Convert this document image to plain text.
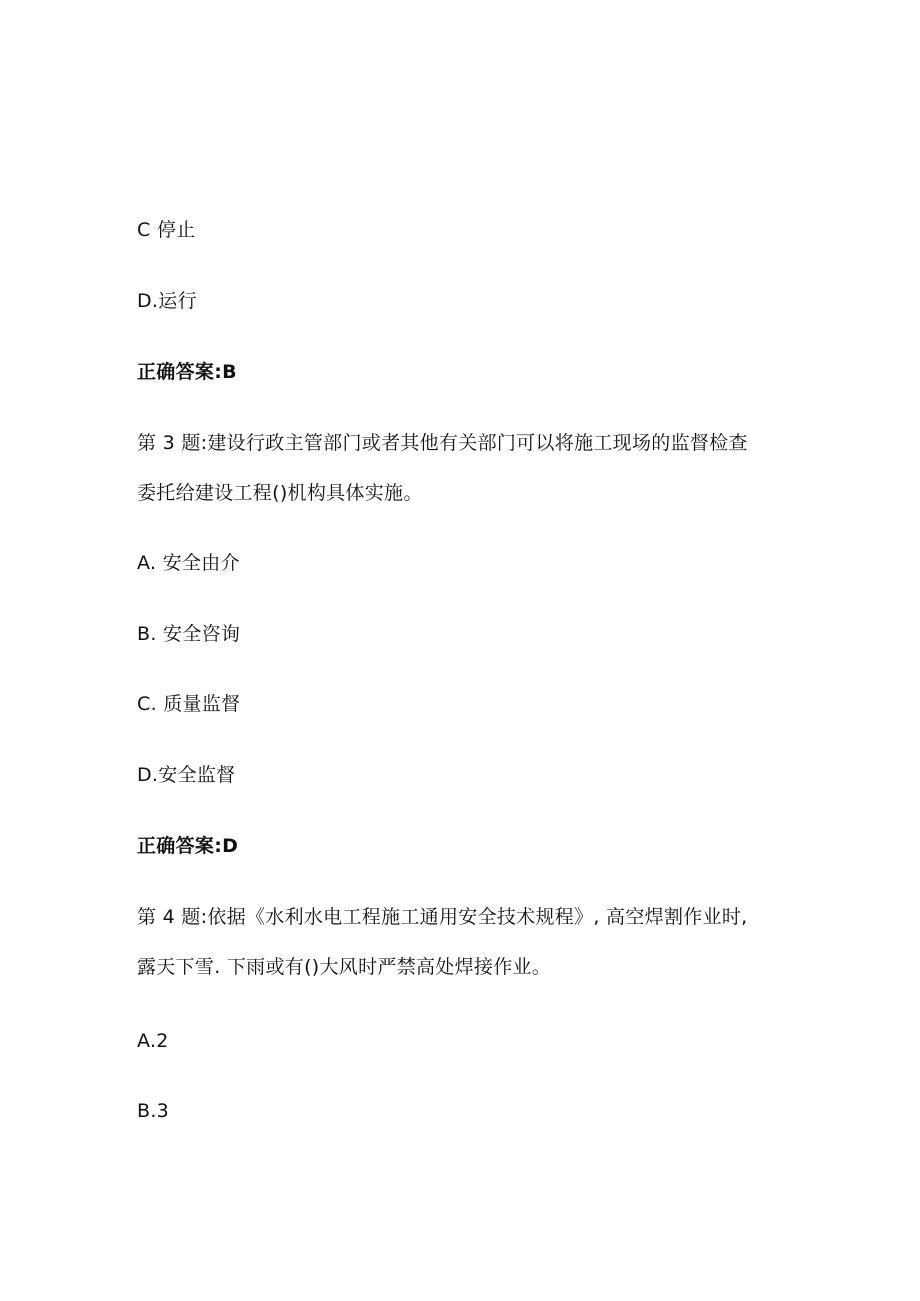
C 停止
D.运行
正确答案:B
第 3 题:建设行政主管部门或者其他有关部门可以将施工现场的监督检查
委托给建设工程()机构具体实施。
A. 安全由介
B. 安全咨询
C. 质量监督
D.安全监督
正确答案:D
第 4 题:依据《水利水电工程施工通用安全技术规程》, 高空焊割作业时,
露天下雪. 下雨或有()大风时严禁高处焊接作业。
A.2
B.3
